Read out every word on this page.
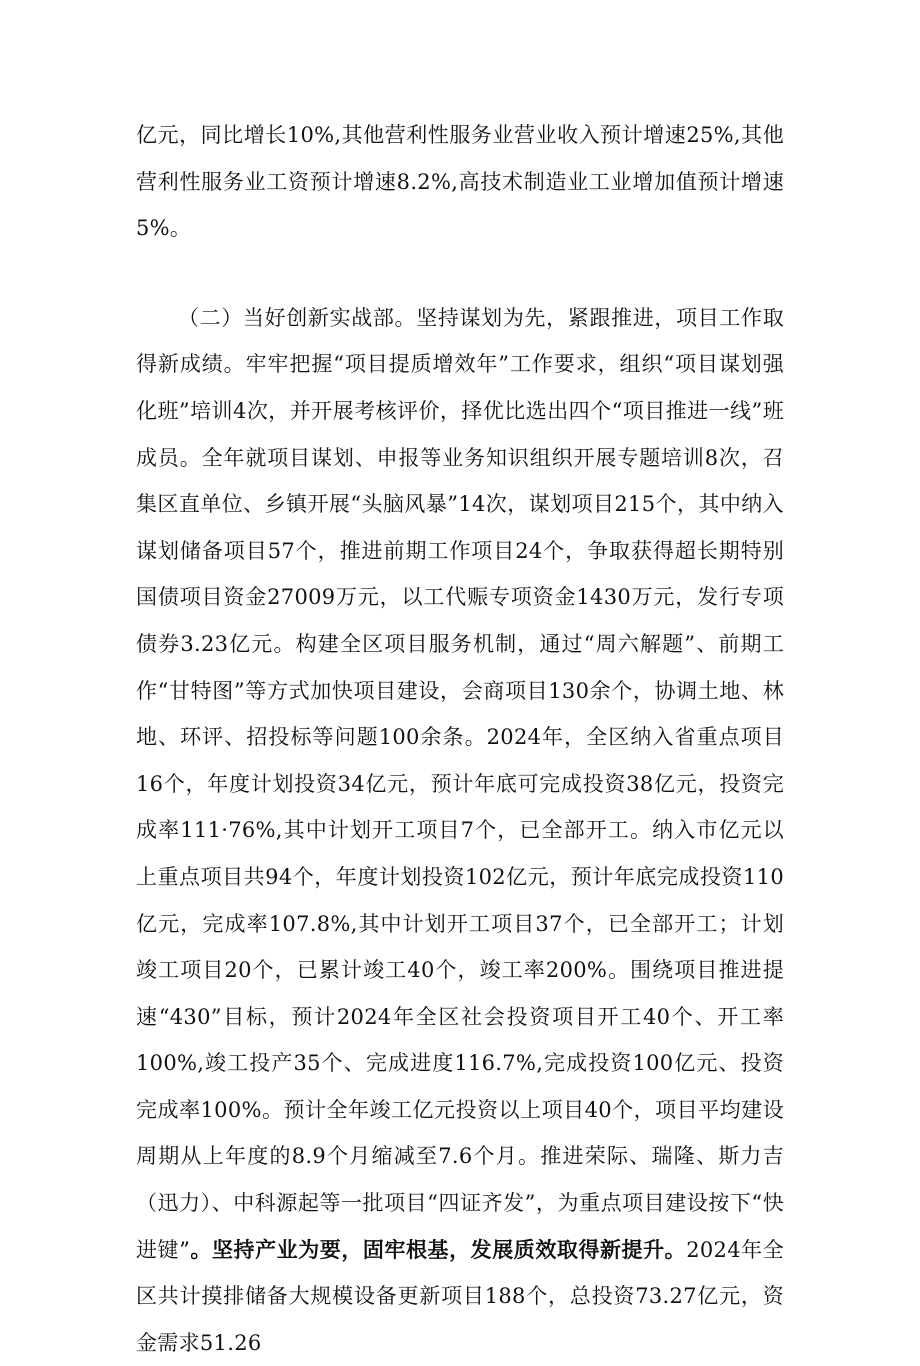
亿元，同比增长10%,其他营利性服务业营业收入预计增速25%,其他营利性服务业工资预计增速8.2%,高技术制造业工业增加值预计增速5%。

（二）当好创新实战部。坚持谋划为先，紧跟推进，项目工作取得新成绩。牢牢把握“项目提质增效年”工作要求，组织“项目谋划强化班”培训4次，并开展考核评价，择优比选出四个“项目推进一线”班成员。全年就项目谋划、申报等业务知识组织开展专题培训8次，召集区直单位、乡镇开展“头脑风暴”14次，谋划项目215个，其中纳入谋划储备项目57个，推进前期工作项目24个，争取获得超长期特别国债项目资金27009万元，以工代赈专项资金1430万元，发行专项债券3.23亿元。构建全区项目服务机制，通过“周六解题”、前期工作“甘特图”等方式加快项目建设，会商项目130余个，协调土地、林地、环评、招投标等问题100余条。2024年，全区纳入省重点项目16个，年度计划投资34亿元，预计年底可完成投资38亿元，投资完成率111·76%,其中计划开工项目7个，已全部开工。纳入市亿元以上重点项目共94个，年度计划投资102亿元，预计年底完成投资110亿元，完成率107.8%,其中计划开工项目37个，已全部开工；计划竣工项目20个，已累计竣工40个，竣工率200%。围绕项目推进提速“430”目标，预计2024年全区社会投资项目开工40个、开工率100%,竣工投产35个、完成进度116.7%,完成投资100亿元、投资完成率100%。预计全年竣工亿元投资以上项目40个，项目平均建设周期从上年度的8.9个月缩减至7.6个月。推进荣际、瑞隆、斯力吉（迅力）、中科源起等一批项目“四证齐发”，为重点项目建设按下“快进键”。坚持产业为要，固牢根基，发展质效取得新提升。2024年全区共计摸排储备大规模设备更新项目188个，总投资73.27亿元，资金需求51.26
